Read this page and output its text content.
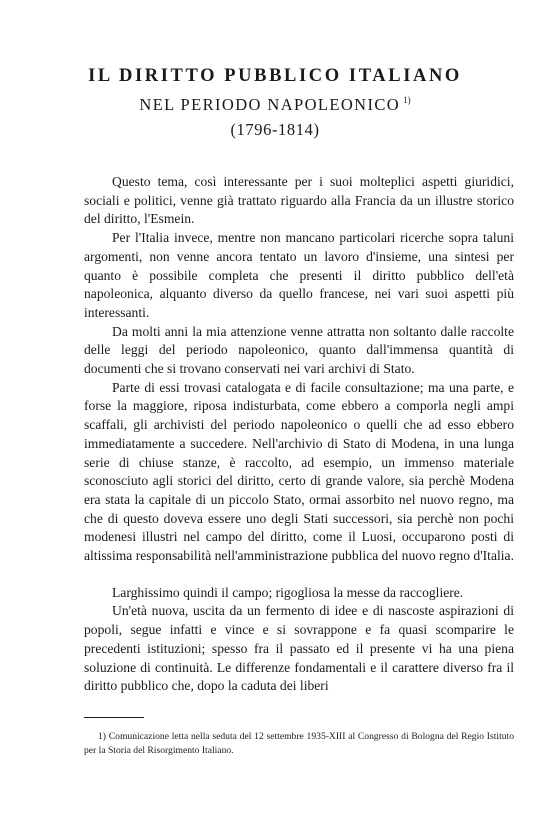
IL DIRITTO PUBBLICO ITALIANO
NEL PERIODO NAPOLEONICO $^{1)}$
(1796-1814)

Questo tema, così interessante per i suoi molteplici aspetti giuridici, sociali e politici, venne già trattato riguardo alla Francia da un illustre storico del diritto, l'Esmein.

Per l'Italia invece, mentre non mancano particolari ricerche sopra taluni argomenti, non venne ancora tentato un lavoro d'insieme, una sintesi per quanto è possibile completa che presenti il diritto pubblico dell'età napoleonica, alquanto diverso da quello francese, nei vari suoi aspetti più interessanti.

Da molti anni la mia attenzione venne attratta non soltanto dalle raccolte delle leggi del periodo napoleonico, quanto dall'immensa quantità di documenti che si trovano conservati nei vari archivi di Stato.

Parte di essi trovasi catalogata e di facile consultazione; ma una parte, e forse la maggiore, riposa indisturbata, come ebbero a comporla negli ampi scaffali, gli archivisti del periodo napoleonico o quelli che ad esso ebbero immediatamente a succedere. Nell'archivio di Stato di Modena, in una lunga serie di chiuse stanze, è raccolto, ad esempio, un immenso materiale sconosciuto agli storici del diritto, certo di grande valore, sia perchè Modena era stata la capitale di un piccolo Stato, ormai assorbito nel nuovo regno, ma che di questo doveva essere uno degli Stati successori, sia perchè non pochi modenesi illustri nel campo del diritto, come il Luosi, occuparono posti di altissima responsabilità nell'amministrazione pubblica del nuovo regno d'Italia.

Larghissimo quindi il campo; rigogliosa la messe da raccogliere.

Un'età nuova, uscita da un fermento di idee e di nascoste aspirazioni di popoli, segue infatti e vince e si sovrappone e fa quasi scomparire le precedenti istituzioni; spesso fra il passato ed il presente vi ha una piena soluzione di continuità. Le differenze fondamentali e il carattere diverso fra il diritto pubblico che, dopo la caduta dei liberi

1) Comunicazione letta nella seduta del 12 settembre 1935-XIII al Congresso di Bologna del Regio Istituto per la Storia del Risorgimento Italiano.
